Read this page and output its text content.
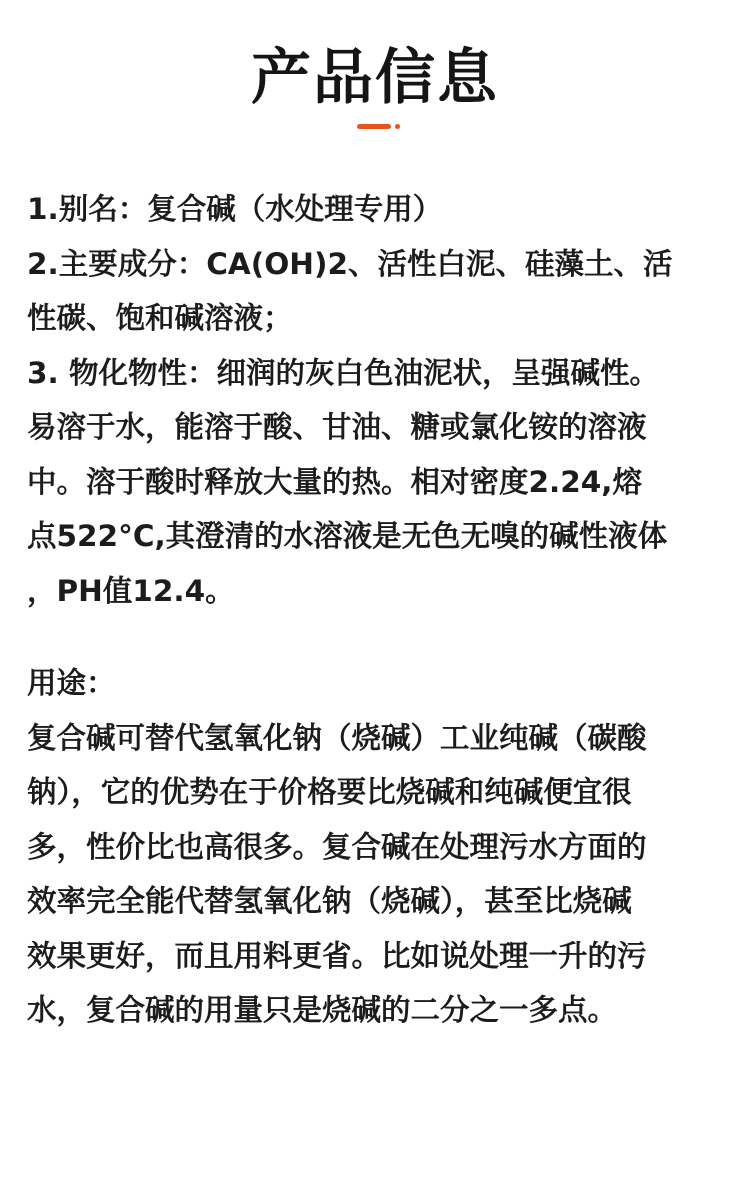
产品信息
1.别名：复合碱（水处理专用）
2.主要成分：CA(OH)2、活性白泥、硅藻土、活
性碳、饱和碱溶液；
3. 物化物性：细润的灰白色油泥状，呈强碱性。
易溶于水，能溶于酸、甘油、糖或氯化铵的溶液
中。溶于酸时释放大量的热。相对密度2.24,熔
点522°C,其澄清的水溶液是无色无嗅的碱性液体
，PH值12.4。
用途：
复合碱可替代氢氧化钠（烧碱）工业纯碱（碳酸
钠），它的优势在于价格要比烧碱和纯碱便宜很
多，性价比也高很多。复合碱在处理污水方面的
效率完全能代替氢氧化钠（烧碱），甚至比烧碱
效果更好，而且用料更省。比如说处理一升的污
水，复合碱的用量只是烧碱的二分之一多点。
